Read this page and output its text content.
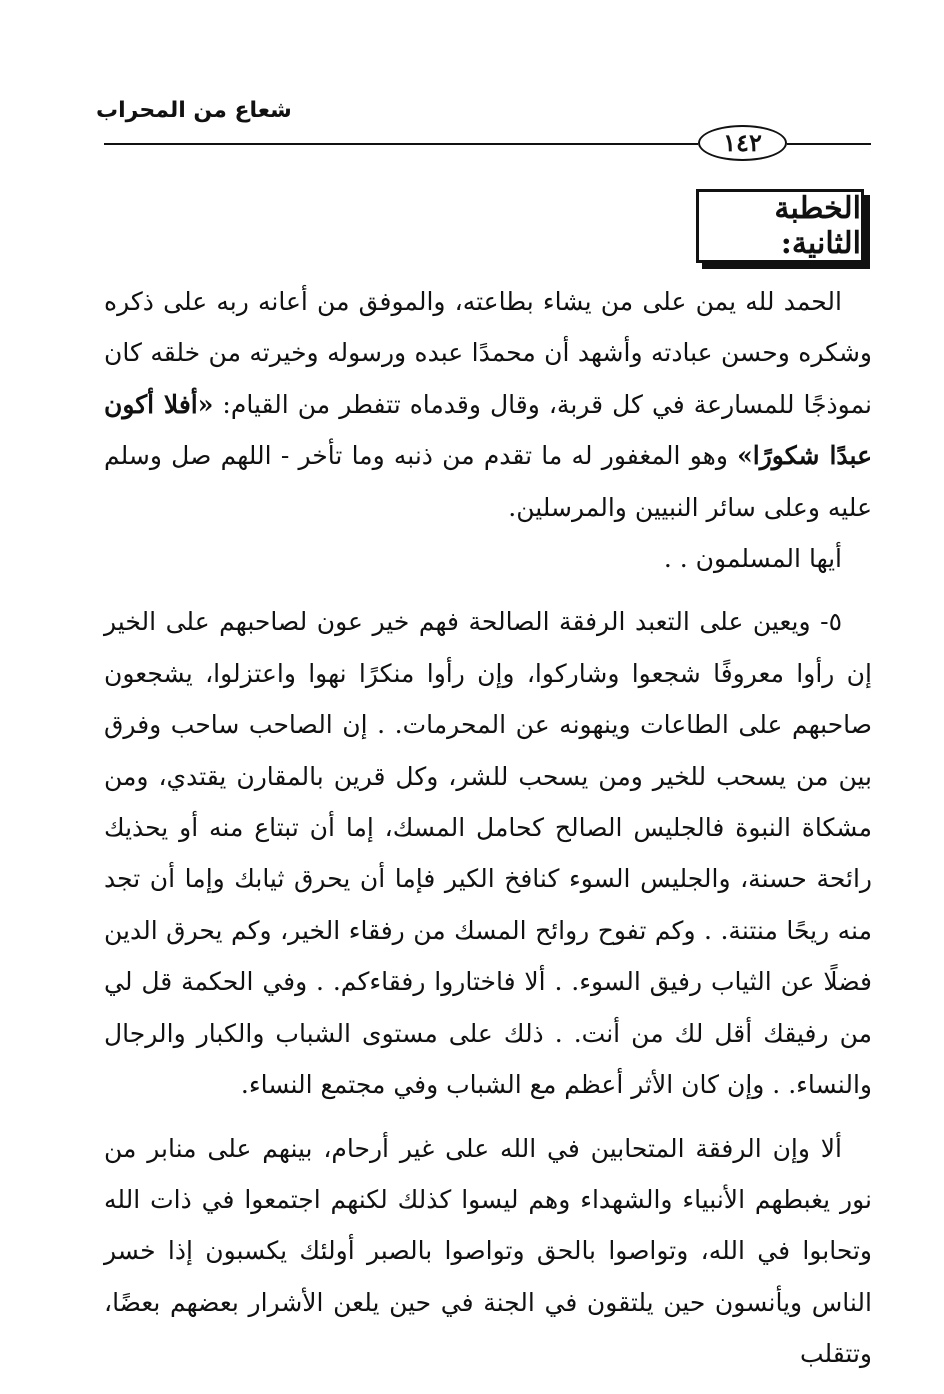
شعاع من المحراب
١٤٢
الخطبة الثانية:

الحمد لله يمن على من يشاء بطاعته، والموفق من أعانه ربه على ذكره وشكره وحسن عبادته وأشهد أن محمدًا عبده ورسوله وخيرته من خلقه كان نموذجًا للمسارعة في كل قربة، وقال وقدماه تتفطر من القيام: «أفلا أكون عبدًا شكورًا» وهو المغفور له ما تقدم من ذنبه وما تأخر - اللهم صل وسلم عليه وعلى سائر النبيين والمرسلين.

أيها المسلمون . .

٥- ويعين على التعبد الرفقة الصالحة فهم خير عون لصاحبهم على الخير إن رأوا معروفًا شجعوا وشاركوا، وإن رأوا منكرًا نهوا واعتزلوا، يشجعون صاحبهم على الطاعات وينهونه عن المحرمات. . إن الصاحب ساحب وفرق بين من يسحب للخير ومن يسحب للشر، وكل قرين بالمقارن يقتدي، ومن مشكاة النبوة فالجليس الصالح كحامل المسك، إما أن تبتاع منه أو يحذيك رائحة حسنة، والجليس السوء كنافخ الكير فإما أن يحرق ثيابك وإما أن تجد منه ريحًا منتنة. . وكم تفوح روائح المسك من رفقاء الخير، وكم يحرق الدين فضلًا عن الثياب رفيق السوء. . ألا فاختاروا رفقاءكم. . وفي الحكمة قل لي من رفيقك أقل لك من أنت. . ذلك على مستوى الشباب والكبار والرجال والنساء. . وإن كان الأثر أعظم مع الشباب وفي مجتمع النساء.

ألا وإن الرفقة المتحابين في الله على غير أرحام، بينهم على منابر من نور يغبطهم الأنبياء والشهداء وهم ليسوا كذلك لكنهم اجتمعوا في ذات الله وتحابوا في الله، وتواصوا بالحق وتواصوا بالصبر أولئك يكسبون إذا خسر الناس ويأنسون حين يلتقون في الجنة في حين يلعن الأشرار بعضهم بعضًا، وتتقلب
